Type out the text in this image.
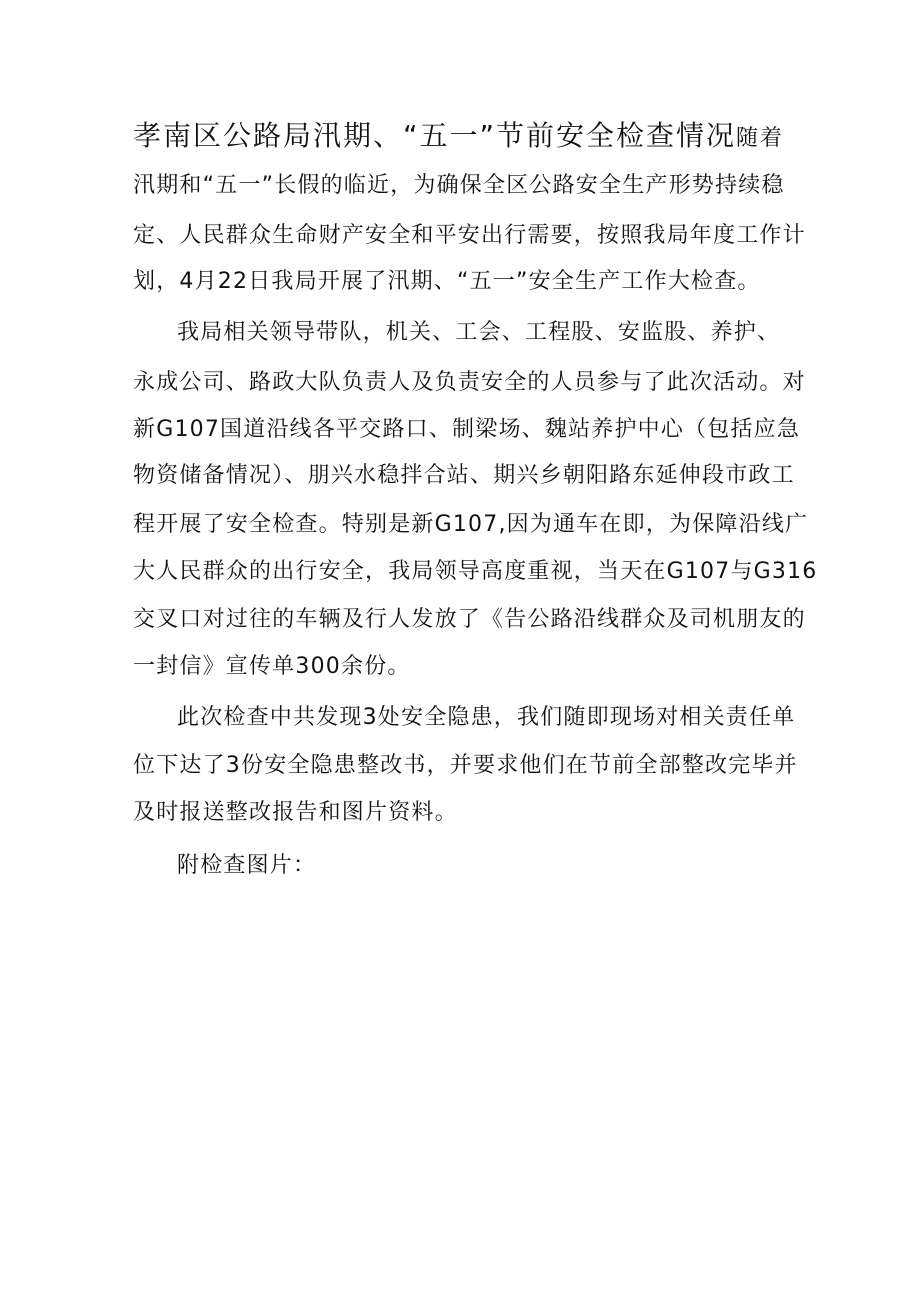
孝南区公路局汛期、“五一”节前安全检查情况随着
汛期和“五一”长假的临近，为确保全区公路安全生产形势持续稳
定、人民群众生命财产安全和平安出行需要，按照我局年度工作计
划，4月22日我局开展了汛期、“五一”安全生产工作大检查。
我局相关领导带队，机关、工会、工程股、安监股、养护、
永成公司、路政大队负责人及负责安全的人员参与了此次活动。对
新G107国道沿线各平交路口、制梁场、魏站养护中心（包括应急
物资储备情况）、朋兴水稳拌合站、期兴乡朝阳路东延伸段市政工
程开展了安全检查。特别是新G107,因为通车在即，为保障沿线广
大人民群众的出行安全，我局领导高度重视，当天在G107与G316
交叉口对过往的车辆及行人发放了《告公路沿线群众及司机朋友的
一封信》宣传单300余份。
此次检查中共发现3处安全隐患，我们随即现场对相关责任单
位下达了3份安全隐患整改书，并要求他们在节前全部整改完毕并
及时报送整改报告和图片资料。
附检查图片：
